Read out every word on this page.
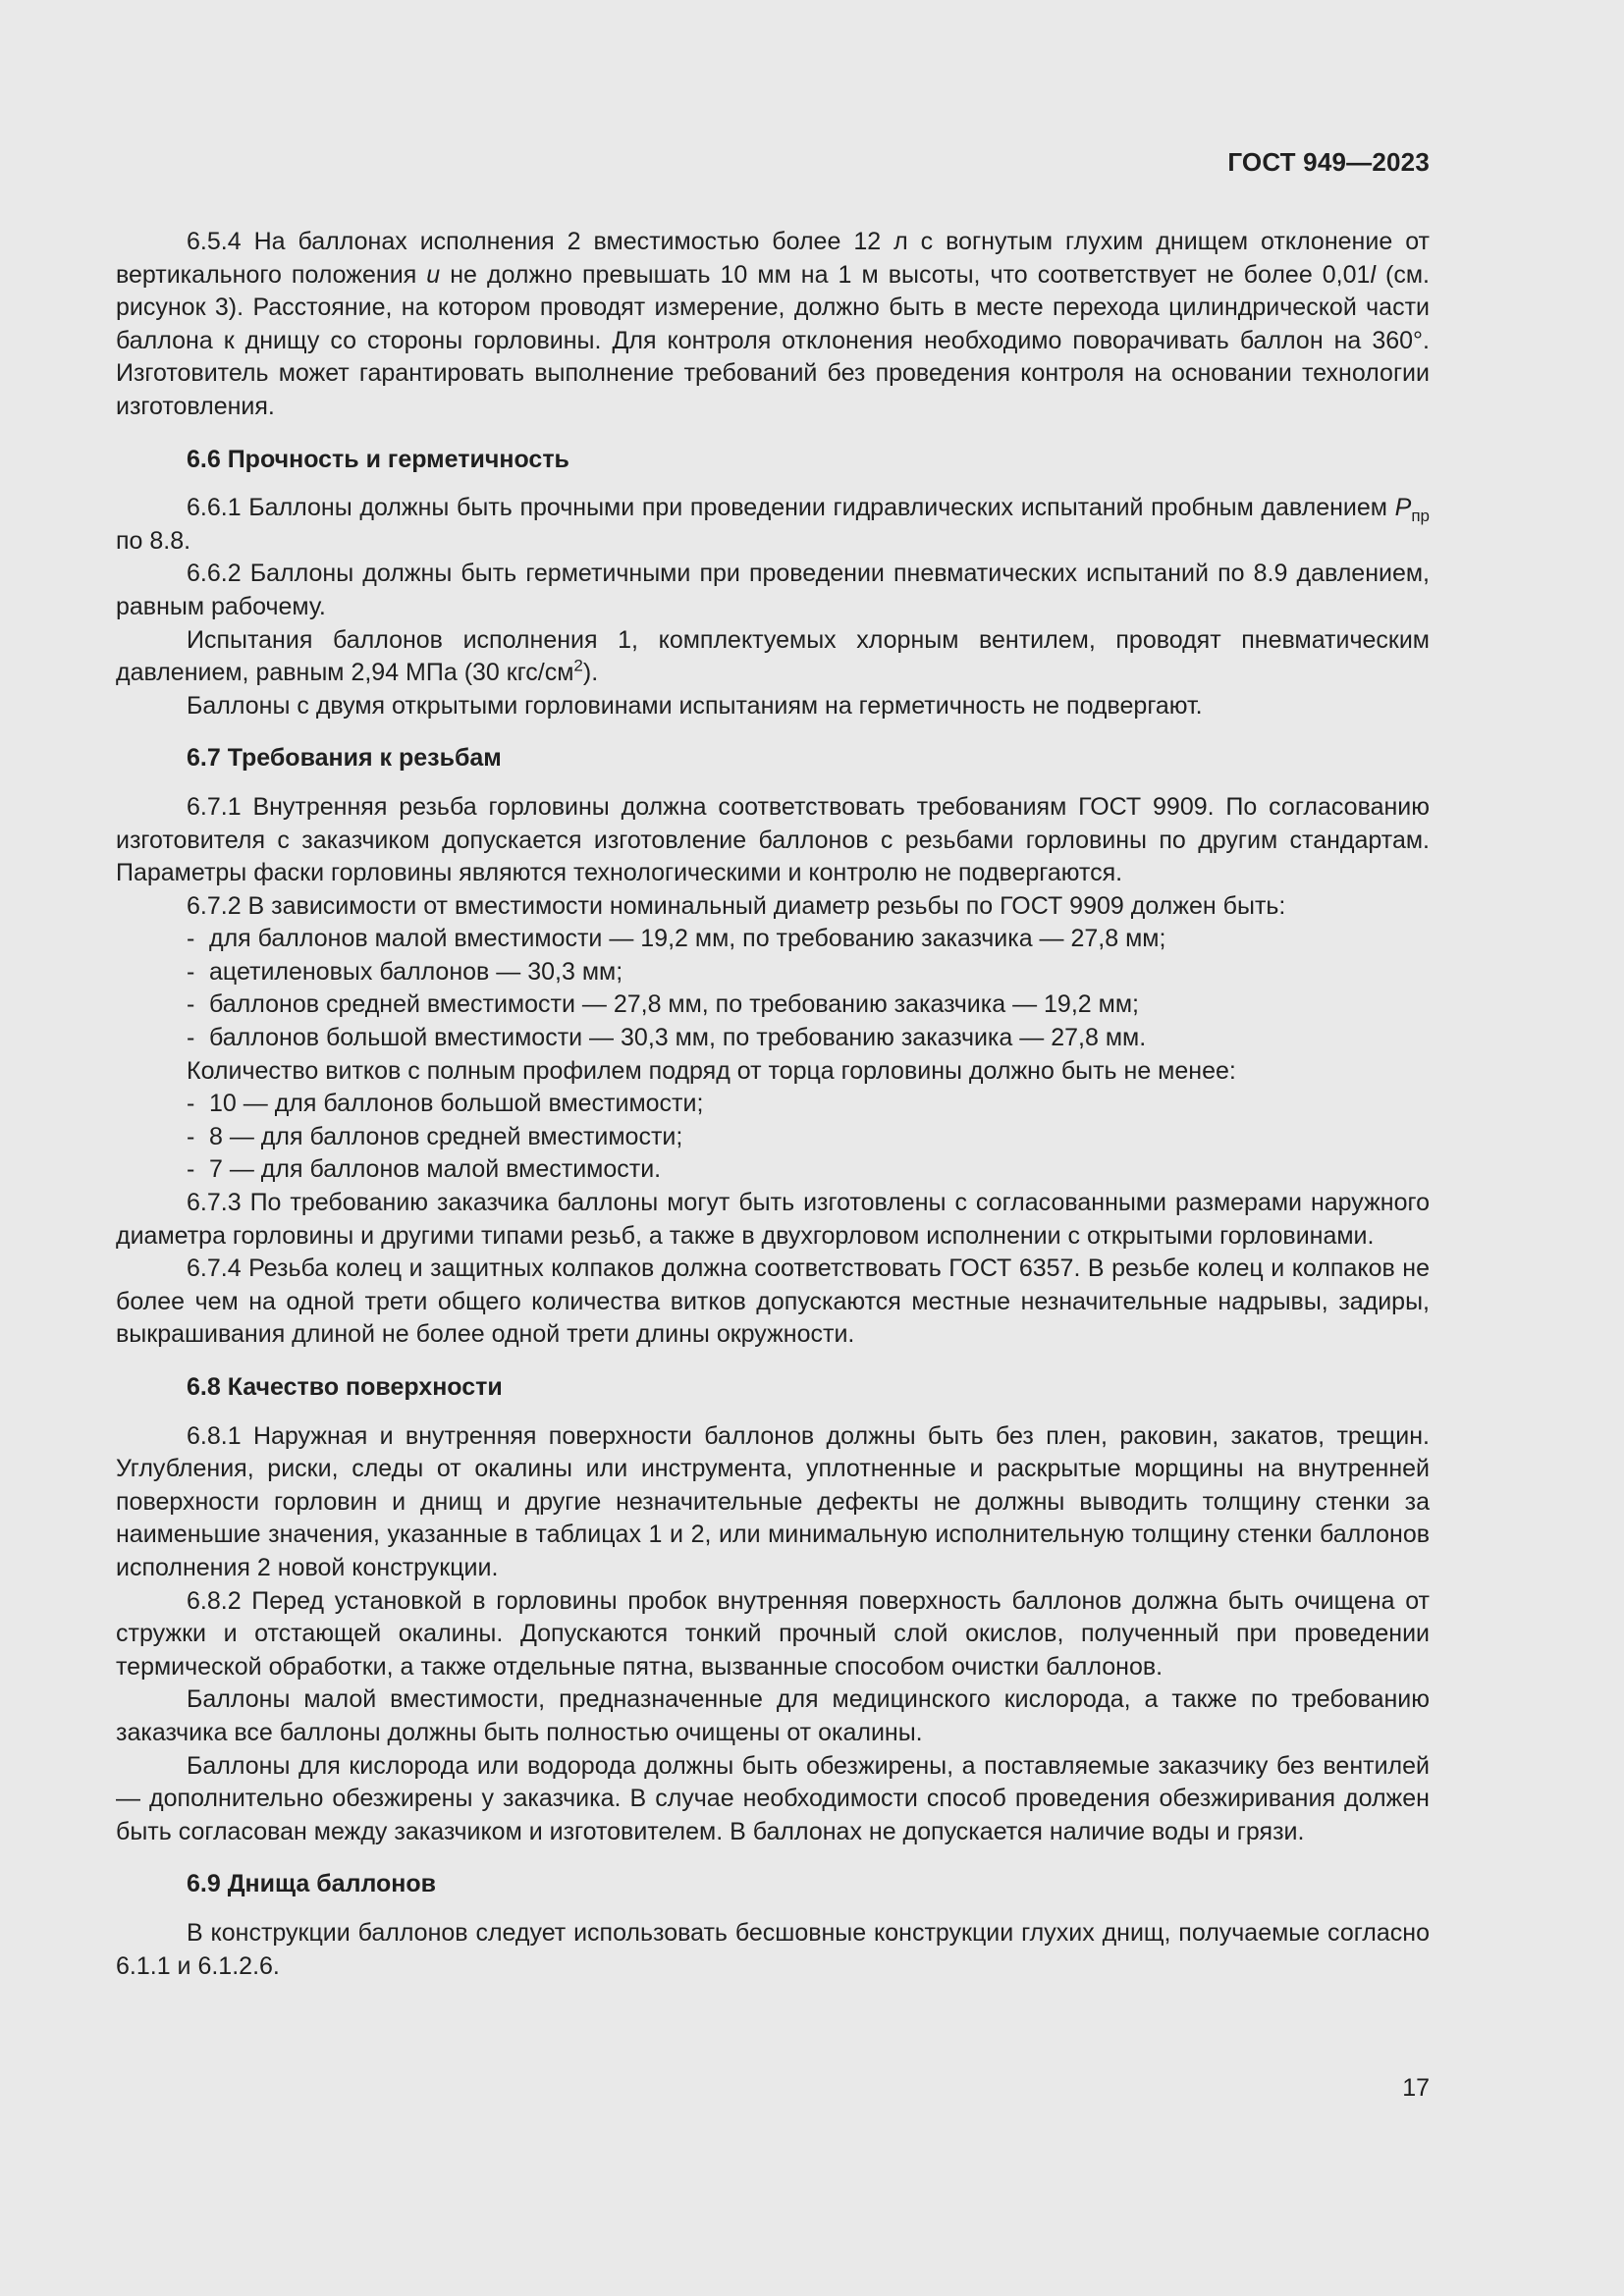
ГОСТ 949—2023

6.5.4 На баллонах исполнения 2 вместимостью более 12 л с вогнутым глухим днищем отклонение от вертикального положения u не должно превышать 10 мм на 1 м высоты, что соответствует не более 0,01l (см. рисунок 3). Расстояние, на котором проводят измерение, должно быть в месте перехода цилиндрической части баллона к днищу со стороны горловины. Для контроля отклонения необходимо поворачивать баллон на 360°. Изготовитель может гарантировать выполнение требований без проведения контроля на основании технологии изготовления.

6.6 Прочность и герметичность

6.6.1 Баллоны должны быть прочными при проведении гидравлических испытаний пробным давлением $P_{пр}$ по 8.8.

6.6.2 Баллоны должны быть герметичными при проведении пневматических испытаний по 8.9 давлением, равным рабочему.

Испытания баллонов исполнения 1, комплектуемых хлорным вентилем, проводят пневматическим давлением, равным 2,94 МПа (30 кгс/$см^2$).

Баллоны с двумя открытыми горловинами испытаниям на герметичность не подвергают.

6.7 Требования к резьбам

6.7.1 Внутренняя резьба горловины должна соответствовать требованиям ГОСТ 9909. По согласованию изготовителя с заказчиком допускается изготовление баллонов с резьбами горловины по другим стандартам. Параметры фаски горловины являются технологическими и контролю не подвергаются.

6.7.2 В зависимости от вместимости номинальный диаметр резьбы по ГОСТ 9909 должен быть:

- для баллонов малой вместимости — 19,2 мм, по требованию заказчика — 27,8 мм;

- ацетиленовых баллонов — 30,3 мм;

- баллонов средней вместимости — 27,8 мм, по требованию заказчика — 19,2 мм;

- баллонов большой вместимости — 30,3 мм, по требованию заказчика — 27,8 мм.

Количество витков с полным профилем подряд от торца горловины должно быть не менее:

- 10 — для баллонов большой вместимости;

- 8 — для баллонов средней вместимости;

- 7 — для баллонов малой вместимости.

6.7.3 По требованию заказчика баллоны могут быть изготовлены с согласованными размерами наружного диаметра горловины и другими типами резьб, а также в двухгорловом исполнении с открытыми горловинами.

6.7.4 Резьба колец и защитных колпаков должна соответствовать ГОСТ 6357. В резьбе колец и колпаков не более чем на одной трети общего количества витков допускаются местные незначительные надрывы, задиры, выкрашивания длиной не более одной трети длины окружности.

6.8 Качество поверхности

6.8.1 Наружная и внутренняя поверхности баллонов должны быть без плен, раковин, закатов, трещин. Углубления, риски, следы от окалины или инструмента, уплотненные и раскрытые морщины на внутренней поверхности горловин и днищ и другие незначительные дефекты не должны выводить толщину стенки за наименьшие значения, указанные в таблицах 1 и 2, или минимальную исполнительную толщину стенки баллонов исполнения 2 новой конструкции.

6.8.2 Перед установкой в горловины пробок внутренняя поверхность баллонов должна быть очищена от стружки и отстающей окалины. Допускаются тонкий прочный слой окислов, полученный при проведении термической обработки, а также отдельные пятна, вызванные способом очистки баллонов.

Баллоны малой вместимости, предназначенные для медицинского кислорода, а также по требованию заказчика все баллоны должны быть полностью очищены от окалины.

Баллоны для кислорода или водорода должны быть обезжирены, а поставляемые заказчику без вентилей — дополнительно обезжирены у заказчика. В случае необходимости способ проведения обезжиривания должен быть согласован между заказчиком и изготовителем. В баллонах не допускается наличие воды и грязи.

6.9 Днища баллонов

В конструкции баллонов следует использовать бесшовные конструкции глухих днищ, получаемые согласно 6.1.1 и 6.1.2.6.

17
